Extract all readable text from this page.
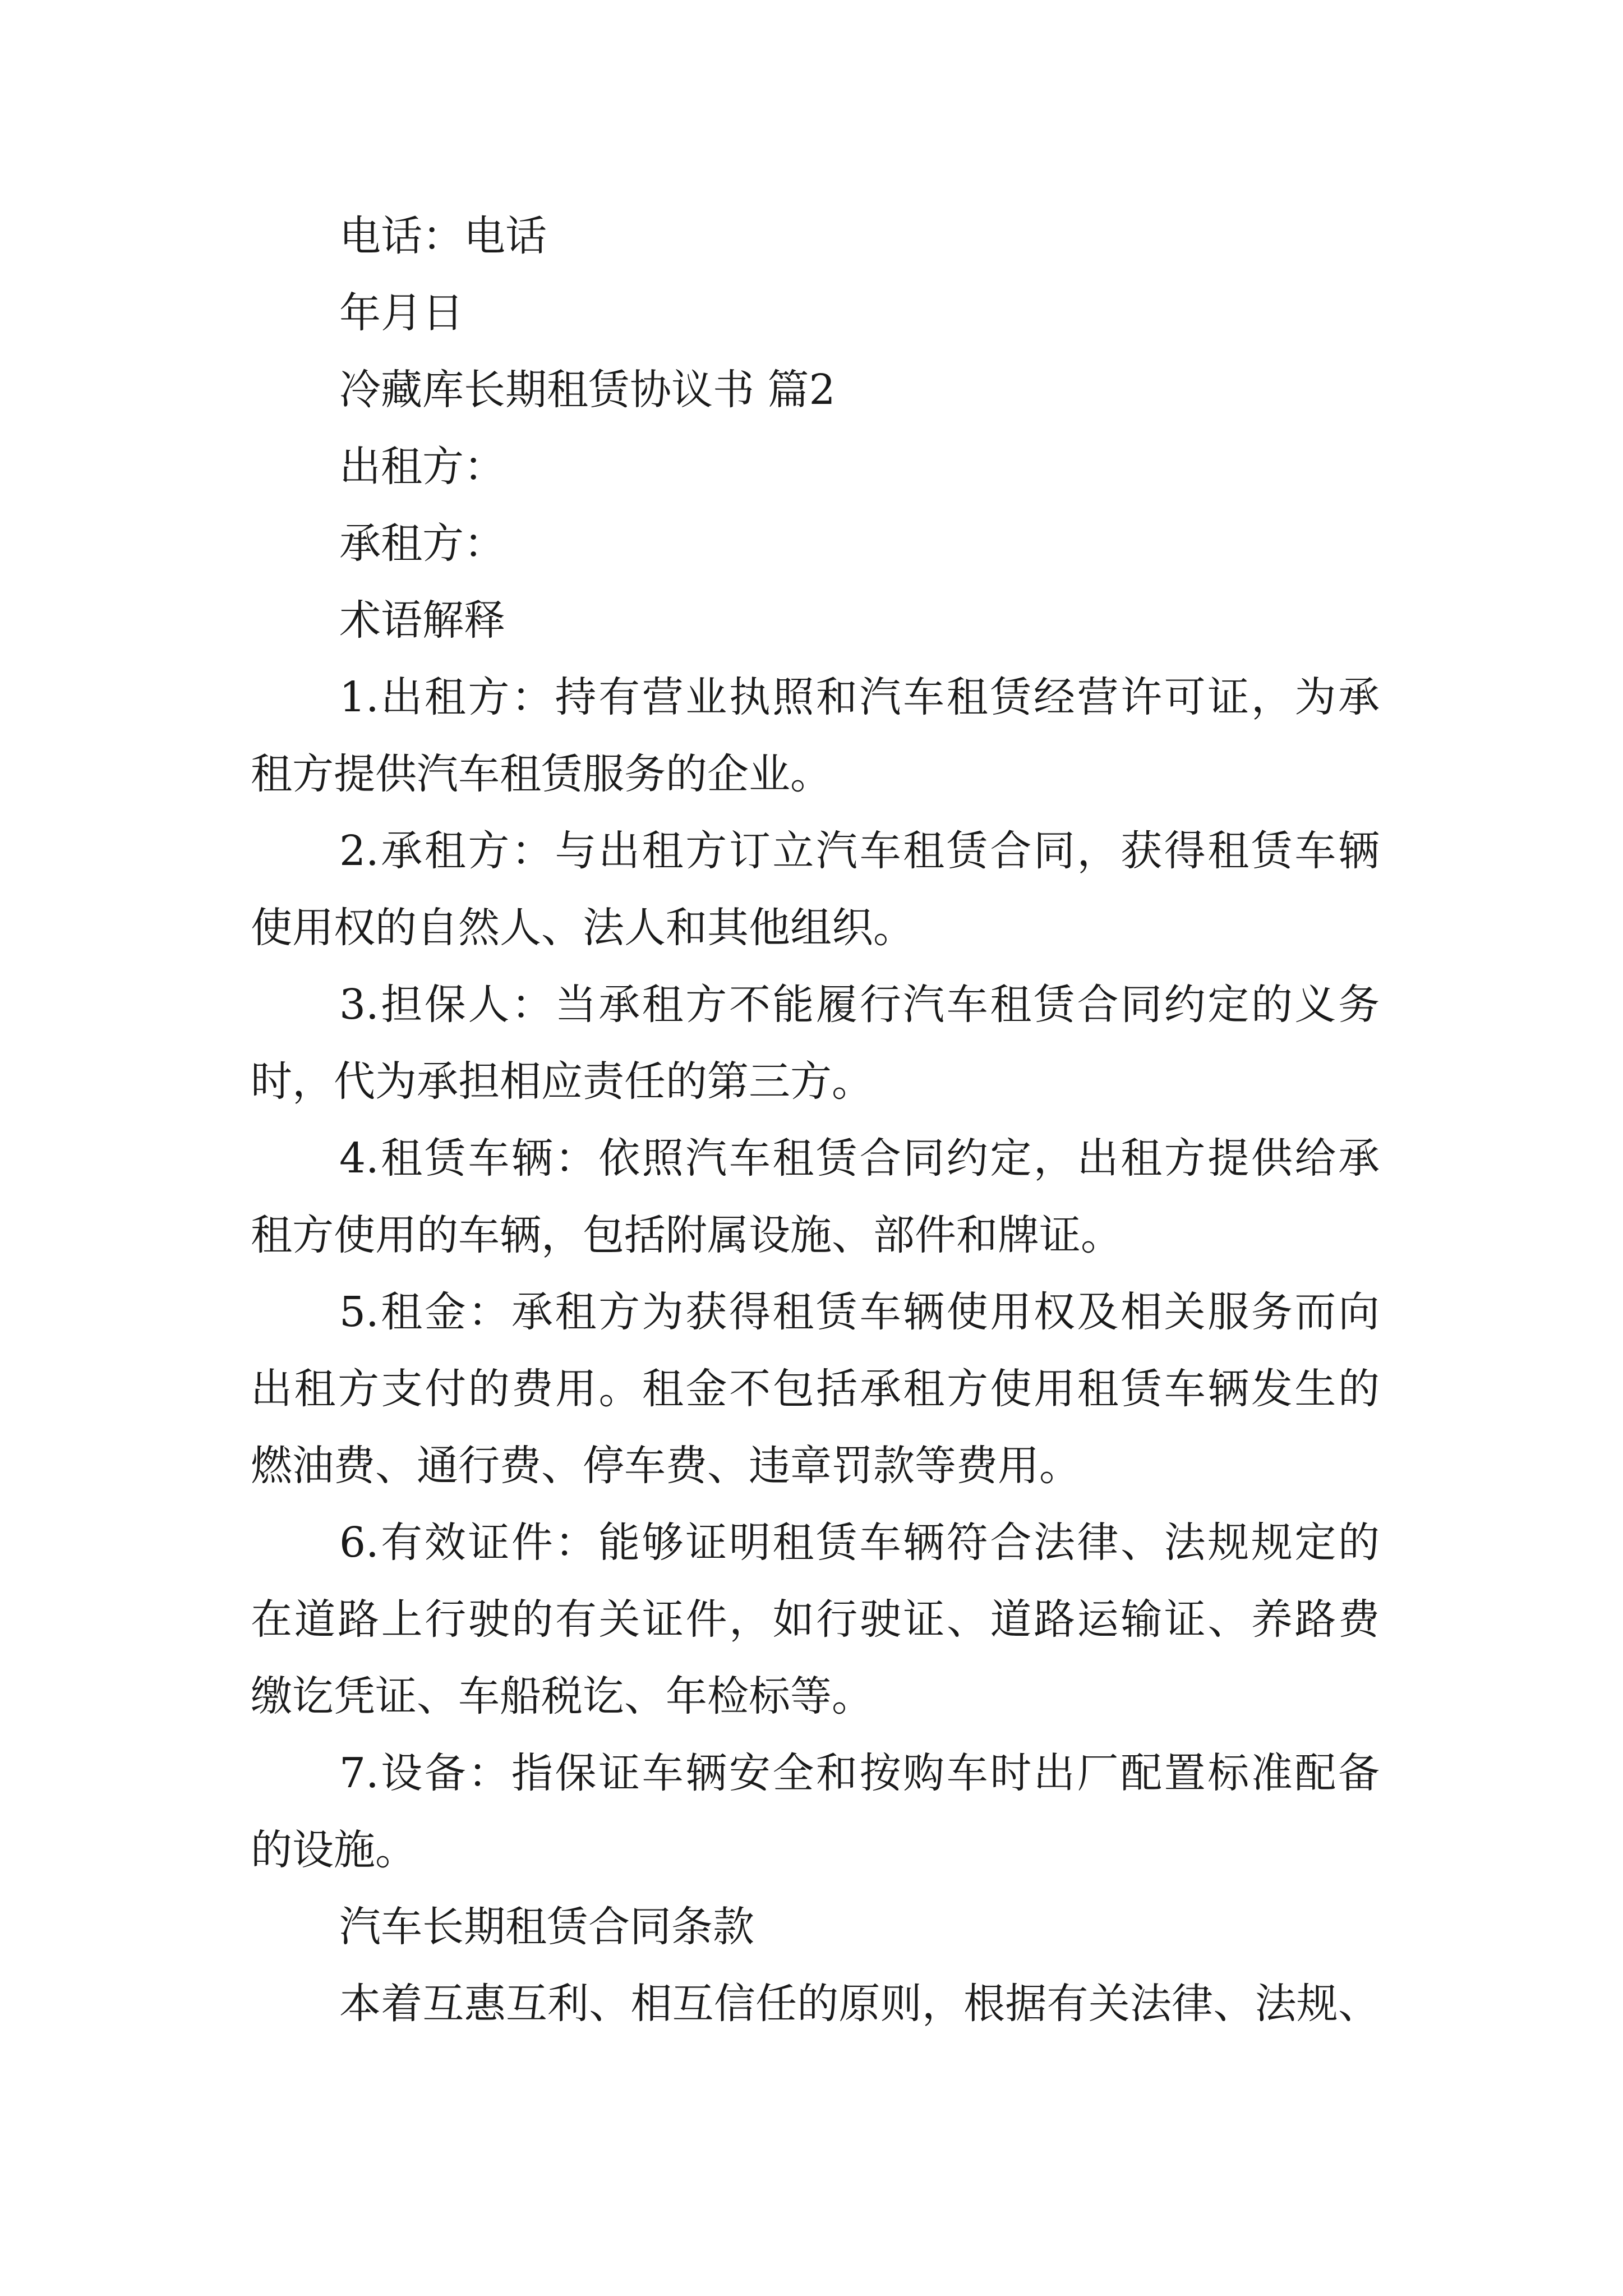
电话：电话

年月日

冷藏库长期租赁协议书 篇2

出租方：

承租方：

术语解释

1.出租方：持有营业执照和汽车租赁经营许可证，为承

租方提供汽车租赁服务的企业。

2.承租方：与出租方订立汽车租赁合同，获得租赁车辆

使用权的自然人、法人和其他组织。

3.担保人：当承租方不能履行汽车租赁合同约定的义务

时，代为承担相应责任的第三方。

4.租赁车辆：依照汽车租赁合同约定，出租方提供给承

租方使用的车辆，包括附属设施、部件和牌证。

5.租金：承租方为获得租赁车辆使用权及相关服务而向

出租方支付的费用。租金不包括承租方使用租赁车辆发生的

燃油费、通行费、停车费、违章罚款等费用。

6.有效证件：能够证明租赁车辆符合法律、法规规定的

在道路上行驶的有关证件，如行驶证、道路运输证、养路费

缴讫凭证、车船税讫、年检标等。

7.设备：指保证车辆安全和按购车时出厂配置标准配备

的设施。

汽车长期租赁合同条款

本着互惠互利、相互信任的原则，根据有关法律、法规、
